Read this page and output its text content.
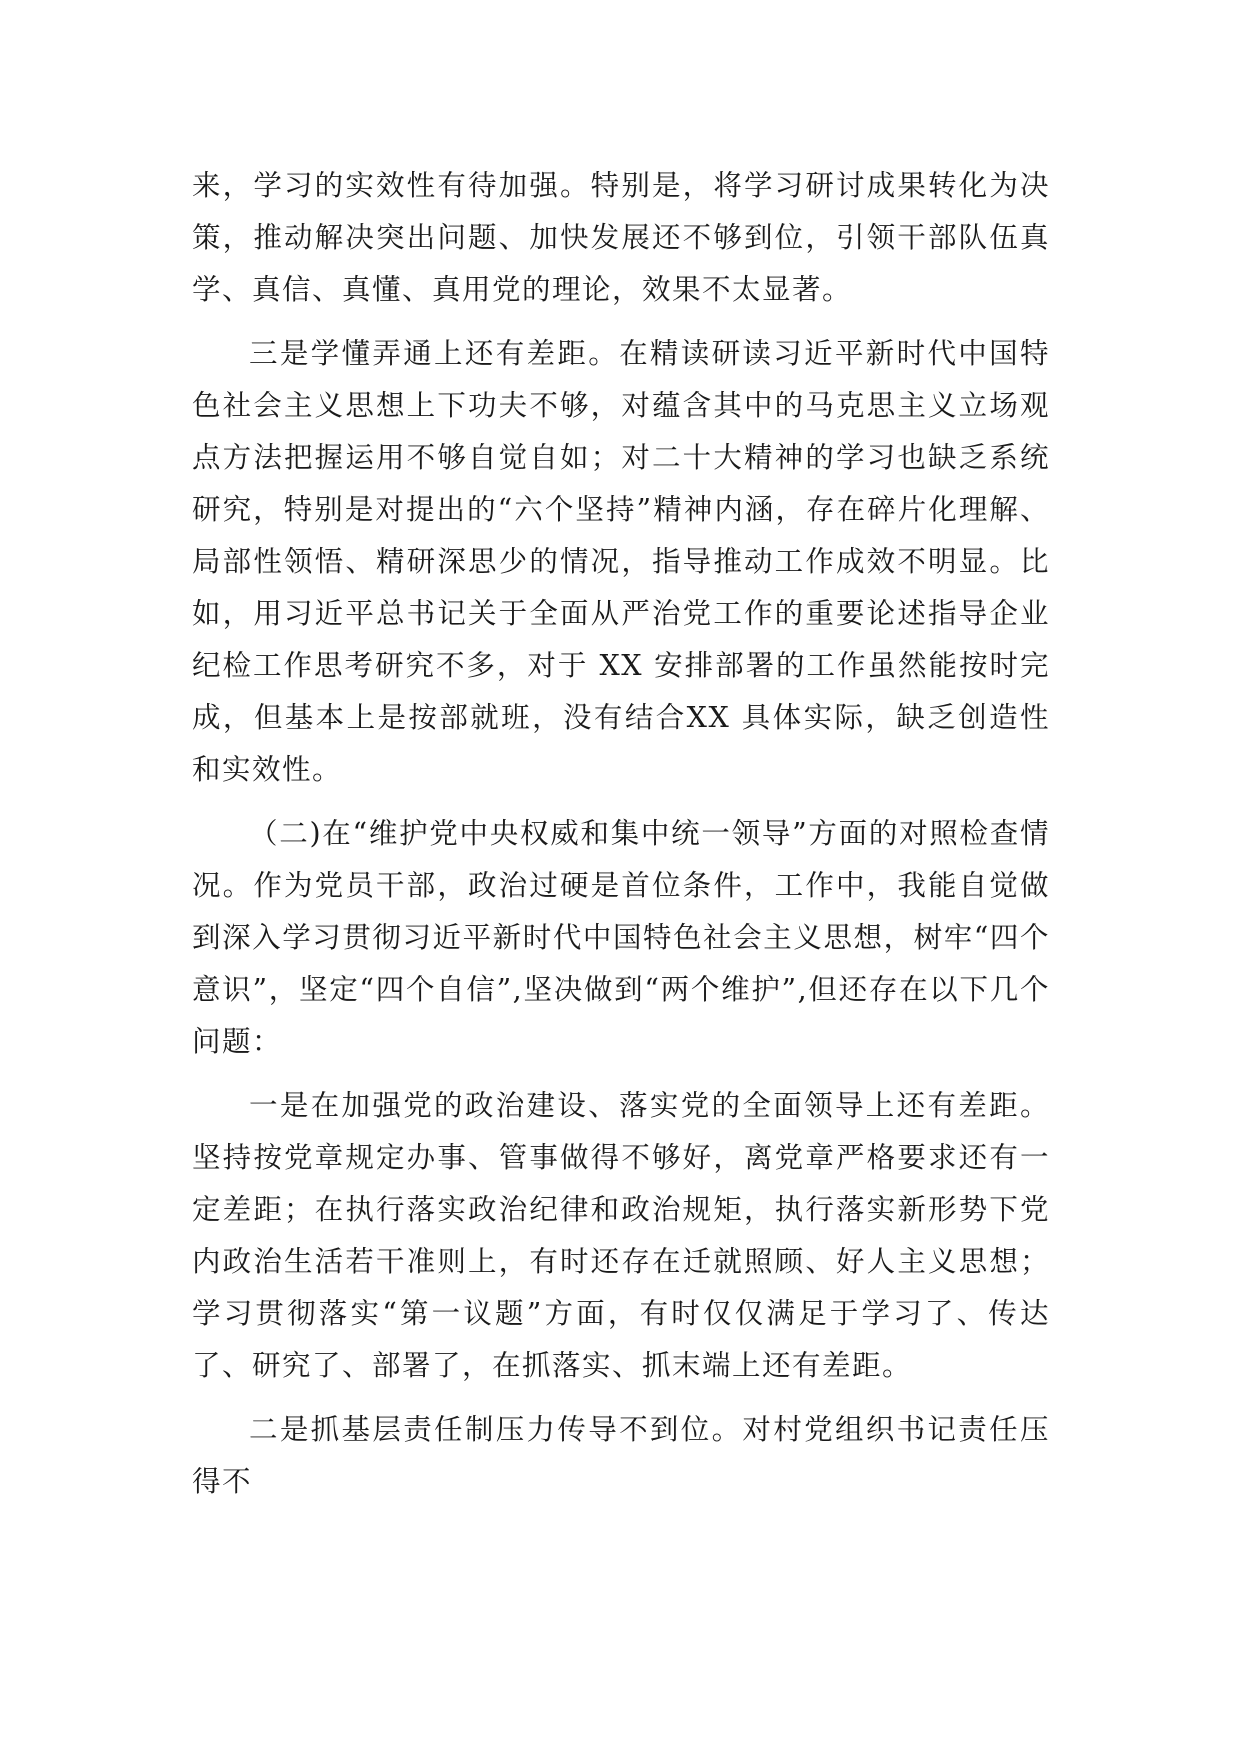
来，学习的实效性有待加强。特别是，将学习研讨成果转化为决策，推动解决突出问题、加快发展还不够到位，引领干部队伍真学、真信、真懂、真用党的理论，效果不太显著。

三是学懂弄通上还有差距。在精读研读习近平新时代中国特色社会主义思想上下功夫不够，对蕴含其中的马克思主义立场观点方法把握运用不够自觉自如；对二十大精神的学习也缺乏系统研究，特别是对提出的“六个坚持”精神内涵，存在碎片化理解、局部性领悟、精研深思少的情况，指导推动工作成效不明显。比如，用习近平总书记关于全面从严治党工作的重要论述指导企业纪检工作思考研究不多，对于 XX 安排部署的工作虽然能按时完成，但基本上是按部就班，没有结合XX 具体实际，缺乏创造性和实效性。

（二)在“维护党中央权威和集中统一领导”方面的对照检查情况。作为党员干部，政治过硬是首位条件，工作中，我能自觉做到深入学习贯彻习近平新时代中国特色社会主义思想，树牢“四个意识”，坚定“四个自信”,坚决做到“两个维护”,但还存在以下几个问题：

一是在加强党的政治建设、落实党的全面领导上还有差距。坚持按党章规定办事、管事做得不够好，离党章严格要求还有一定差距；在执行落实政治纪律和政治规矩，执行落实新形势下党内政治生活若干准则上，有时还存在迁就照顾、好人主义思想；学习贯彻落实“第一议题”方面，有时仅仅满足于学习了、传达了、研究了、部署了，在抓落实、抓末端上还有差距。

二是抓基层责任制压力传导不到位。对村党组织书记责任压得不
